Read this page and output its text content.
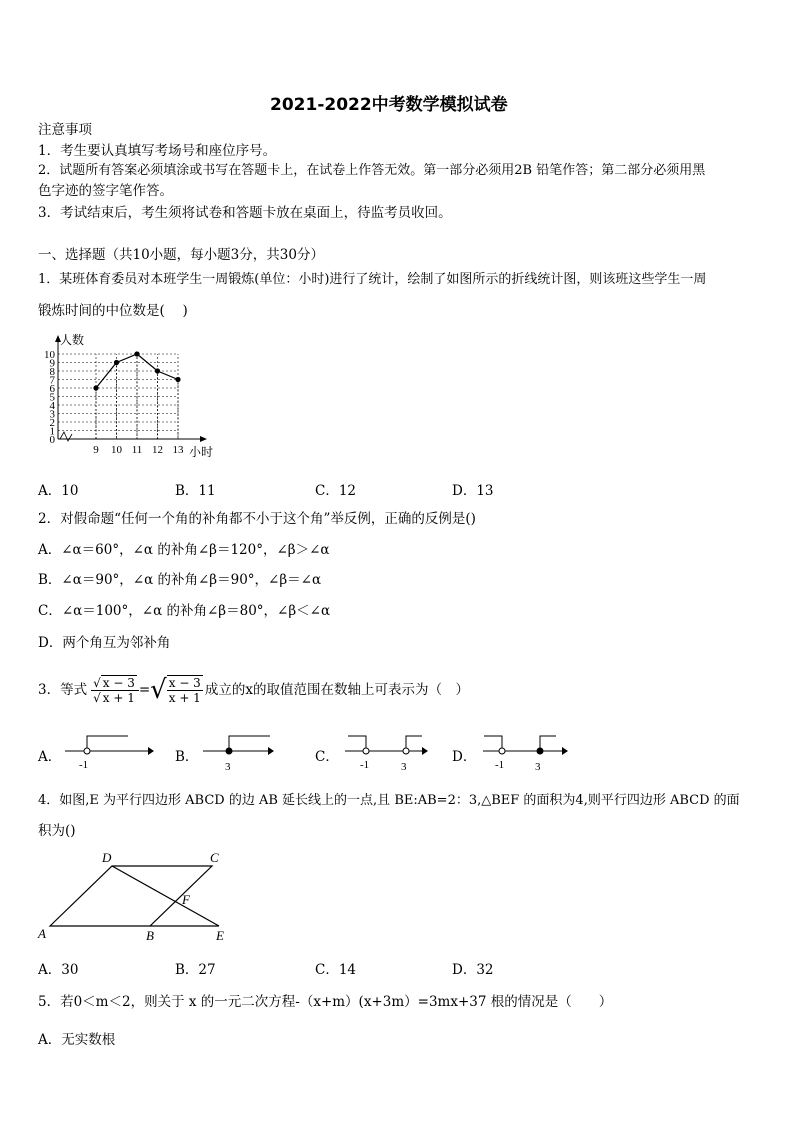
2021-2022中考数学模拟试卷
注意事项
1．考生要认真填写考场号和座位序号。
2．试题所有答案必须填涂或书写在答题卡上，在试卷上作答无效。第一部分必须用2B 铅笔作答；第二部分必须用黑
色字迹的签字笔作答。
3．考试结束后，考生须将试卷和答题卡放在桌面上，待监考员收回。
一、选择题（共10小题，每小题3分，共30分）
1．某班体育委员对本班学生一周锻炼(单位：小时)进行了统计，绘制了如图所示的折线统计图，则该班这些学生一周
锻炼时间的中位数是(　 )
0
1
2
3
4
5
6
7
8
9
10
9 10 11 12 13
人数
小时
A．10	B．11	C．12	D．13
2．对假命题“任何一个角的补角都不小于这个角”举反例，正确的反例是()
A．∠α＝60°，∠α 的补角∠β＝120°，∠β＞∠α
B．∠α＝90°，∠α 的补角∠β＝90°，∠β＝∠α
C．∠α＝100°，∠α 的补角∠β＝80°，∠β＜∠α
D．两个角互为邻补角
3．等式 $\frac{√ x - 3}{√ x + 1}$ = √ $\frac{x - 3}{x + 1}$ 成立的x的取值范围在数轴上可表示为（　）
A． -1	B．
3
C． -1	3
D． -1	3
4．如图,E 为平行四边形 ABCD 的边 AB 延长线上的一点,且 BE:AB=2：3,△BEF 的面积为4,则平行四边形 ABCD 的面
积为()
A	B
C
D
E
F
A．30	B．27	C．14	D．32
5．若0＜m＜2，则关于 x 的一元二次方程-（x+m）(x+3m）=3mx+37 根的情况是（　　）
A．无实数根
